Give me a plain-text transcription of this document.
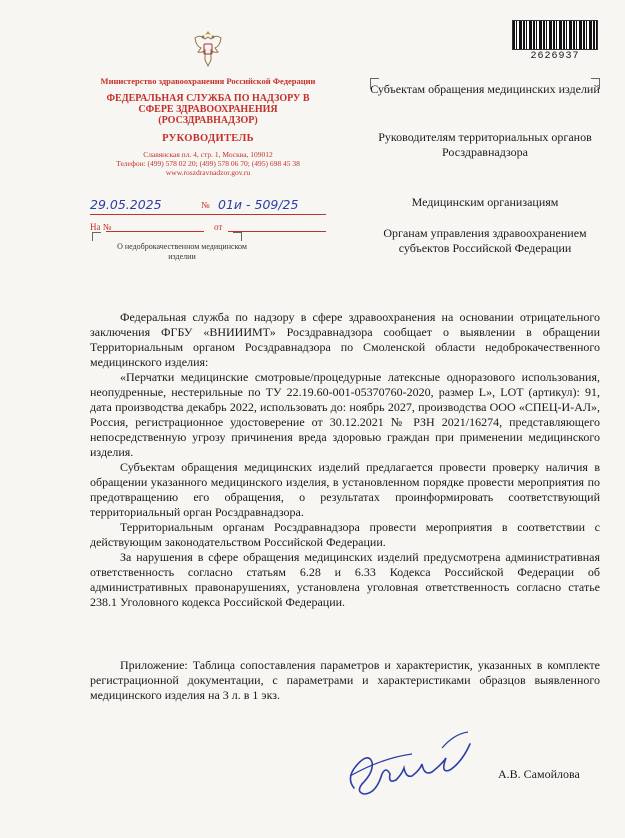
2626937
Министерство здравоохранения Российской Федерации
ФЕДЕРАЛЬНАЯ СЛУЖБА ПО НАДЗОРУ В СФЕРЕ ЗДРАВООХРАНЕНИЯ (РОСЗДРАВНАДЗОР)
РУКОВОДИТЕЛЬ
Славянская пл. 4, стр. 1, Москва, 109012
Телефон: (499) 578 02 20; (499) 578 06 70; (495) 698 45 38
www.roszdravnadzor.gov.ru
29.05.2025	№ 01и - 509/25
На №	от
О недоброкачественном медицинском изделии
Субъектам обращения медицинских изделий
Руководителям территориальных органов Росздравнадзора
Медицинским организациям
Органам управления здравоохранением субъектов Российской Федерации

Федеральная служба по надзору в сфере здравоохранения на основании отрицательного заключения ФГБУ «ВНИИИМТ» Росздравнадзора сообщает о выявлении в обращении Территориальным органом Росздравнадзора по Смоленской области недоброкачественного медицинского изделия:

«Перчатки медицинские смотровые/процедурные латексные одноразового использования, неопудренные, нестерильные по ТУ 22.19.60-001-05370760-2020, размер L», LOT (артикул): 91, дата производства декабрь 2022, использовать до: ноябрь 2027, производства ООО «СПЕЦ-И-АЛ», Россия, регистрационное удостоверение от 30.12.2021 № РЗН 2021/16274, представляющего непосредственную угрозу причинения вреда здоровью граждан при применении медицинского изделия.

Субъектам обращения медицинских изделий предлагается провести проверку наличия в обращении указанного медицинского изделия, в установленном порядке провести мероприятия по предотвращению его обращения, о результатах проинформировать соответствующий территориальный орган Росздравнадзора.

Территориальным органам Росздравнадзора провести мероприятия в соответствии с действующим законодательством Российской Федерации.

За нарушения в сфере обращения медицинских изделий предусмотрена административная ответственность согласно статьям 6.28 и 6.33 Кодекса Российской Федерации об административных правонарушениях, установлена уголовная ответственность согласно статье 238.1 Уголовного кодекса Российской Федерации.

Приложение: Таблица сопоставления параметров и характеристик, указанных в комплекте регистрационной документации, с параметрами и характеристиками образцов выявленного медицинского изделия на 3 л. в 1 экз.

А.В. Самойлова
